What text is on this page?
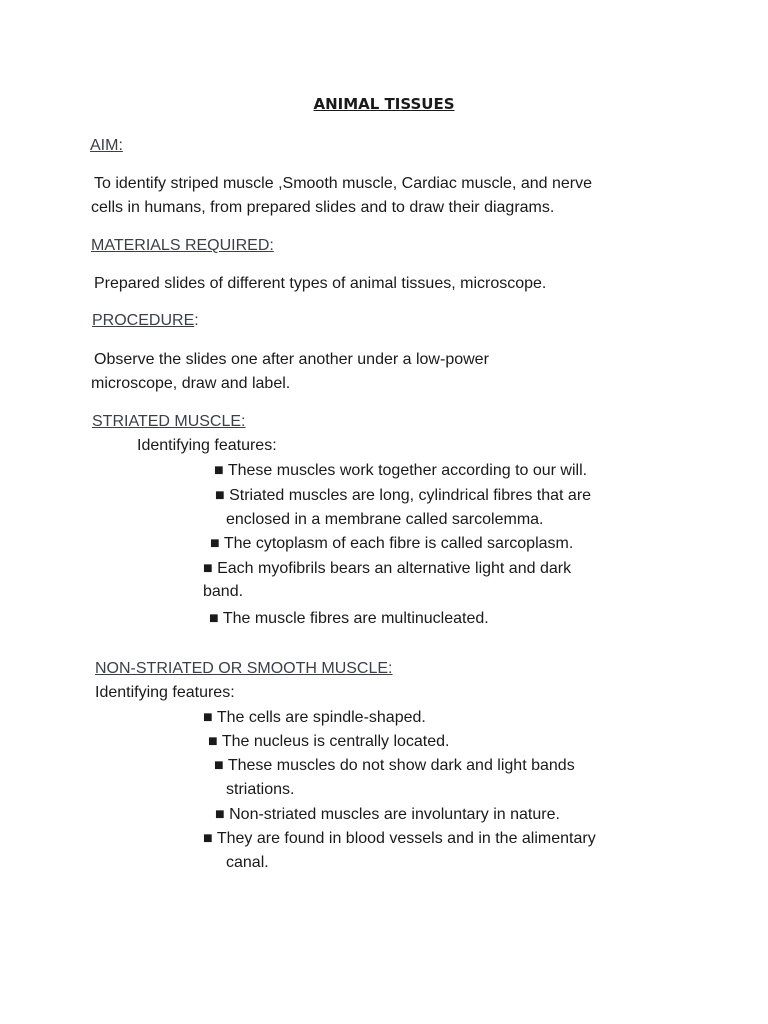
ANIMAL TISSUES

AIM:

To identify striped muscle ,Smooth muscle, Cardiac muscle, and nerve

cells in humans, from prepared slides and to draw their diagrams.

MATERIALS REQUIRED:

Prepared slides of different types of animal tissues, microscope.

PROCEDURE:

Observe the slides one after another under a low-power

microscope, draw and label.

STRIATED MUSCLE:

Identifying features:

■ These muscles work together according to our will.

■ Striated muscles are long, cylindrical fibres that are

enclosed in a membrane called sarcolemma.

■ The cytoplasm of each fibre is called sarcoplasm.

■ Each myofibrils bears an alternative light and dark

band.

■ The muscle fibres are multinucleated.

NON-STRIATED OR SMOOTH MUSCLE:

Identifying features:

■ The cells are spindle-shaped.

■ The nucleus is centrally located.

■ These muscles do not show dark and light bands

striations.

■ Non-striated muscles are involuntary in nature.

■ They are found in blood vessels and in the alimentary

canal.
